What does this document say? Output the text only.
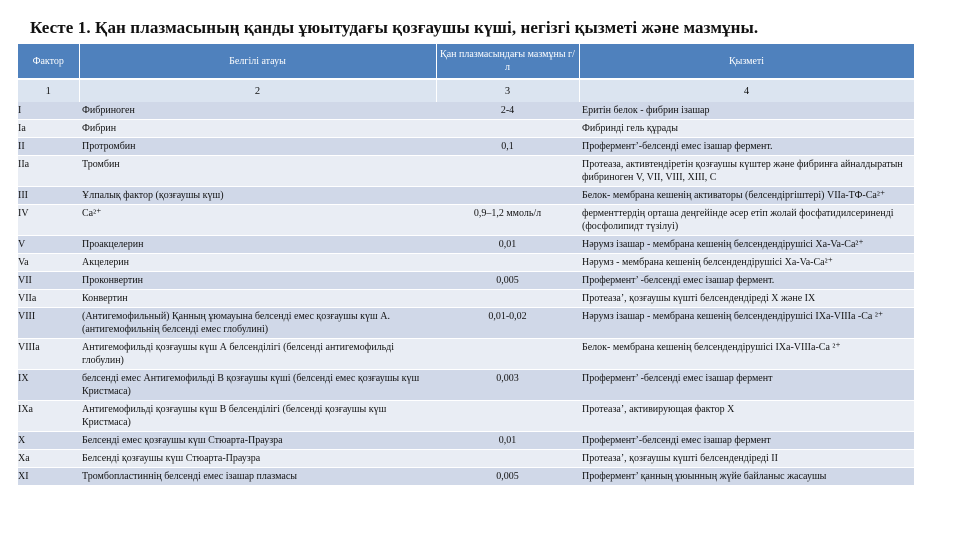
Кесте 1. Қан плазмасының қанды ұюытудағы қозғаушы күші, негізгі қызметі және мазмұны.
Фактор	Белгілі атауы	Қан плазмасындағы мазмұны г/л	Қызметі
1	2	3	4
I	Фибриноген	2-4	Еритін белок - фибрин ізашар
Ia	Фибрин		Фибринді гель құрады
II	Протромбин	0,1	Профермент’-белсенді емес ізашар фермент.
IIa	Тромбин		Протеаза, активтендіретін қозғаушы күштер және фибринға айналдыратын фибриноген V, VII, VIII, XIII, C
III	Ұлпалық фактор (қозғаушы күш)		Белок- мембрана кешенің активаторы (белсендіргіштері) VIIa-ТФ-Са²⁺
IV	Са²⁺	0,9–1,2 ммоль/л	ферменттердің орташа деңгейінде әсер етіп жолай фосфатидилсериненді (фосфолипидт түзілуі)
V	Проакцелерин	0,01	Нәрумз ізашар - мембрана кешенің белсендендірушісі Xa-Va-Са²⁺
Va	Акцелерин		Нәрумз - мембрана кешенің белсендендірушісі Xa-Va-Ca²⁺
VII	Проконвертин	0,005	Профермент’ -белсенді емес ізашар фермент.
VIIa	Конвертин		Протеаза’, қозғаушы күшті белсендендіреді X және IX
VIII	(Антигемофильный) Қанның ұюмауына белсенді емес қозғаушы күш А. (антигемофильнің белсенді емес глобулині)	0,01-0,02	Нәрумз ізашар - мембрана кешенің белсендендірушісі IXa-VIIIa -Ca ²⁺
VIIIa	Антигемофильді қозғаушы күш А белсенділігі (белсенді антигемофильді глобулин)		Белок- мембрана кешенің белсендендірушісі IXa-VIIIa-Ca ²⁺
IX	белсенді емес Антигемофильді В қозғаушы күші (белсенді емес қозғаушы күш Кристмаса)	0,003	Профермент’ -белсенді емес ізашар фермент
IXa	Антигемофильді қозғаушы күш В белсенділігі (белсенді қозғаушы күш Кристмаса)		Протеаза’, активирующая фактор X
X	Белсенді емес қозғаушы күш Стюарта-Праузра	0,01	Профермент’-белсенді емес ізашар фермент
Xa	Белсенді қозғаушы күш Стюарта-Праузра		Протеаза’, қозғаушы күшті белсендендіреді II
XI	Тромбопластиннің белсенді емес ізашар плазмасы	0,005	Профермент’ қанның ұюынның жүйе байланыс жасаушы
